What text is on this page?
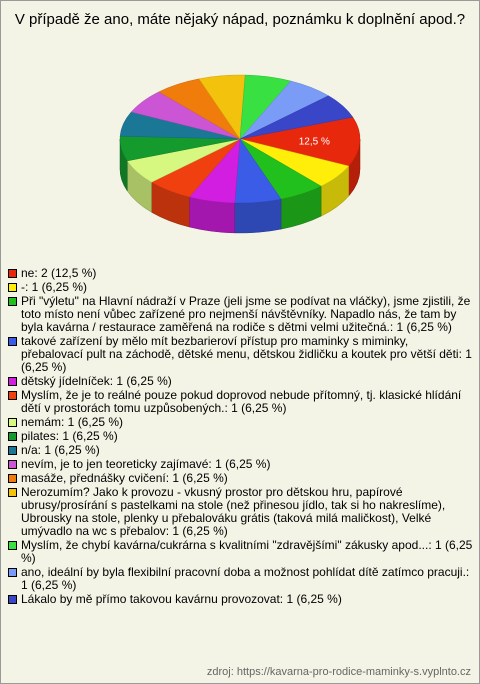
V případě že ano, máte nějaký nápad, poznámku k doplnění apod.?
12,5 %
ne: 2 (12,5 %)
-: 1 (6,25 %)
Při "výletu" na Hlavní nádraží v Praze (jeli jsme se podívat na vláčky), jsme zjistili, že toto místo není vůbec zařízené pro nejmenší návštěvníky. Napadlo nás, že tam by byla kavárna / restaurace zaměřená na rodiče s dětmi velmi užitečná.: 1 (6,25 %)
takové zařízení by mělo mít bezbarieroví přístup pro maminky s miminky, přebalovací pult na záchodě, dětské menu, dětskou židličku a koutek pro větší děti: 1 (6,25 %)
dětský jídelníček: 1 (6,25 %)
Myslím, že je to reálné pouze pokud doprovod nebude přítomný, tj. klasické hlídání dětí v prostorách tomu uzpůsobených.: 1 (6,25 %)
nemám: 1 (6,25 %)
pilates: 1 (6,25 %)
n/a: 1 (6,25 %)
nevím, je to jen teoreticky zajímavé: 1 (6,25 %)
masáže, přednášky cvičení: 1 (6,25 %)
Nerozumím? Jako k provozu - vkusný prostor pro dětskou hru, papírové ubrusy/prosírání s pastelkami na stole (než přinesou jídlo, tak si ho nakreslíme), Ubrousky na stole, plenky u přebalováku grátis (taková milá maličkost), Velké umývadlo na wc s přebalov: 1 (6,25 %)
Myslím, že chybí kavárna/cukrárna s kvalitními "zdravějšími" zákusky apod...: 1 (6,25 %)
ano, ideální by byla flexibilní pracovní doba a možnost pohlídat dítě zatímco pracuji.: 1 (6,25 %)
Lákalo by mě přímo takovou kavárnu provozovat: 1 (6,25 %)
zdroj: https://kavarna-pro-rodice-maminky-s.vyplnto.cz
